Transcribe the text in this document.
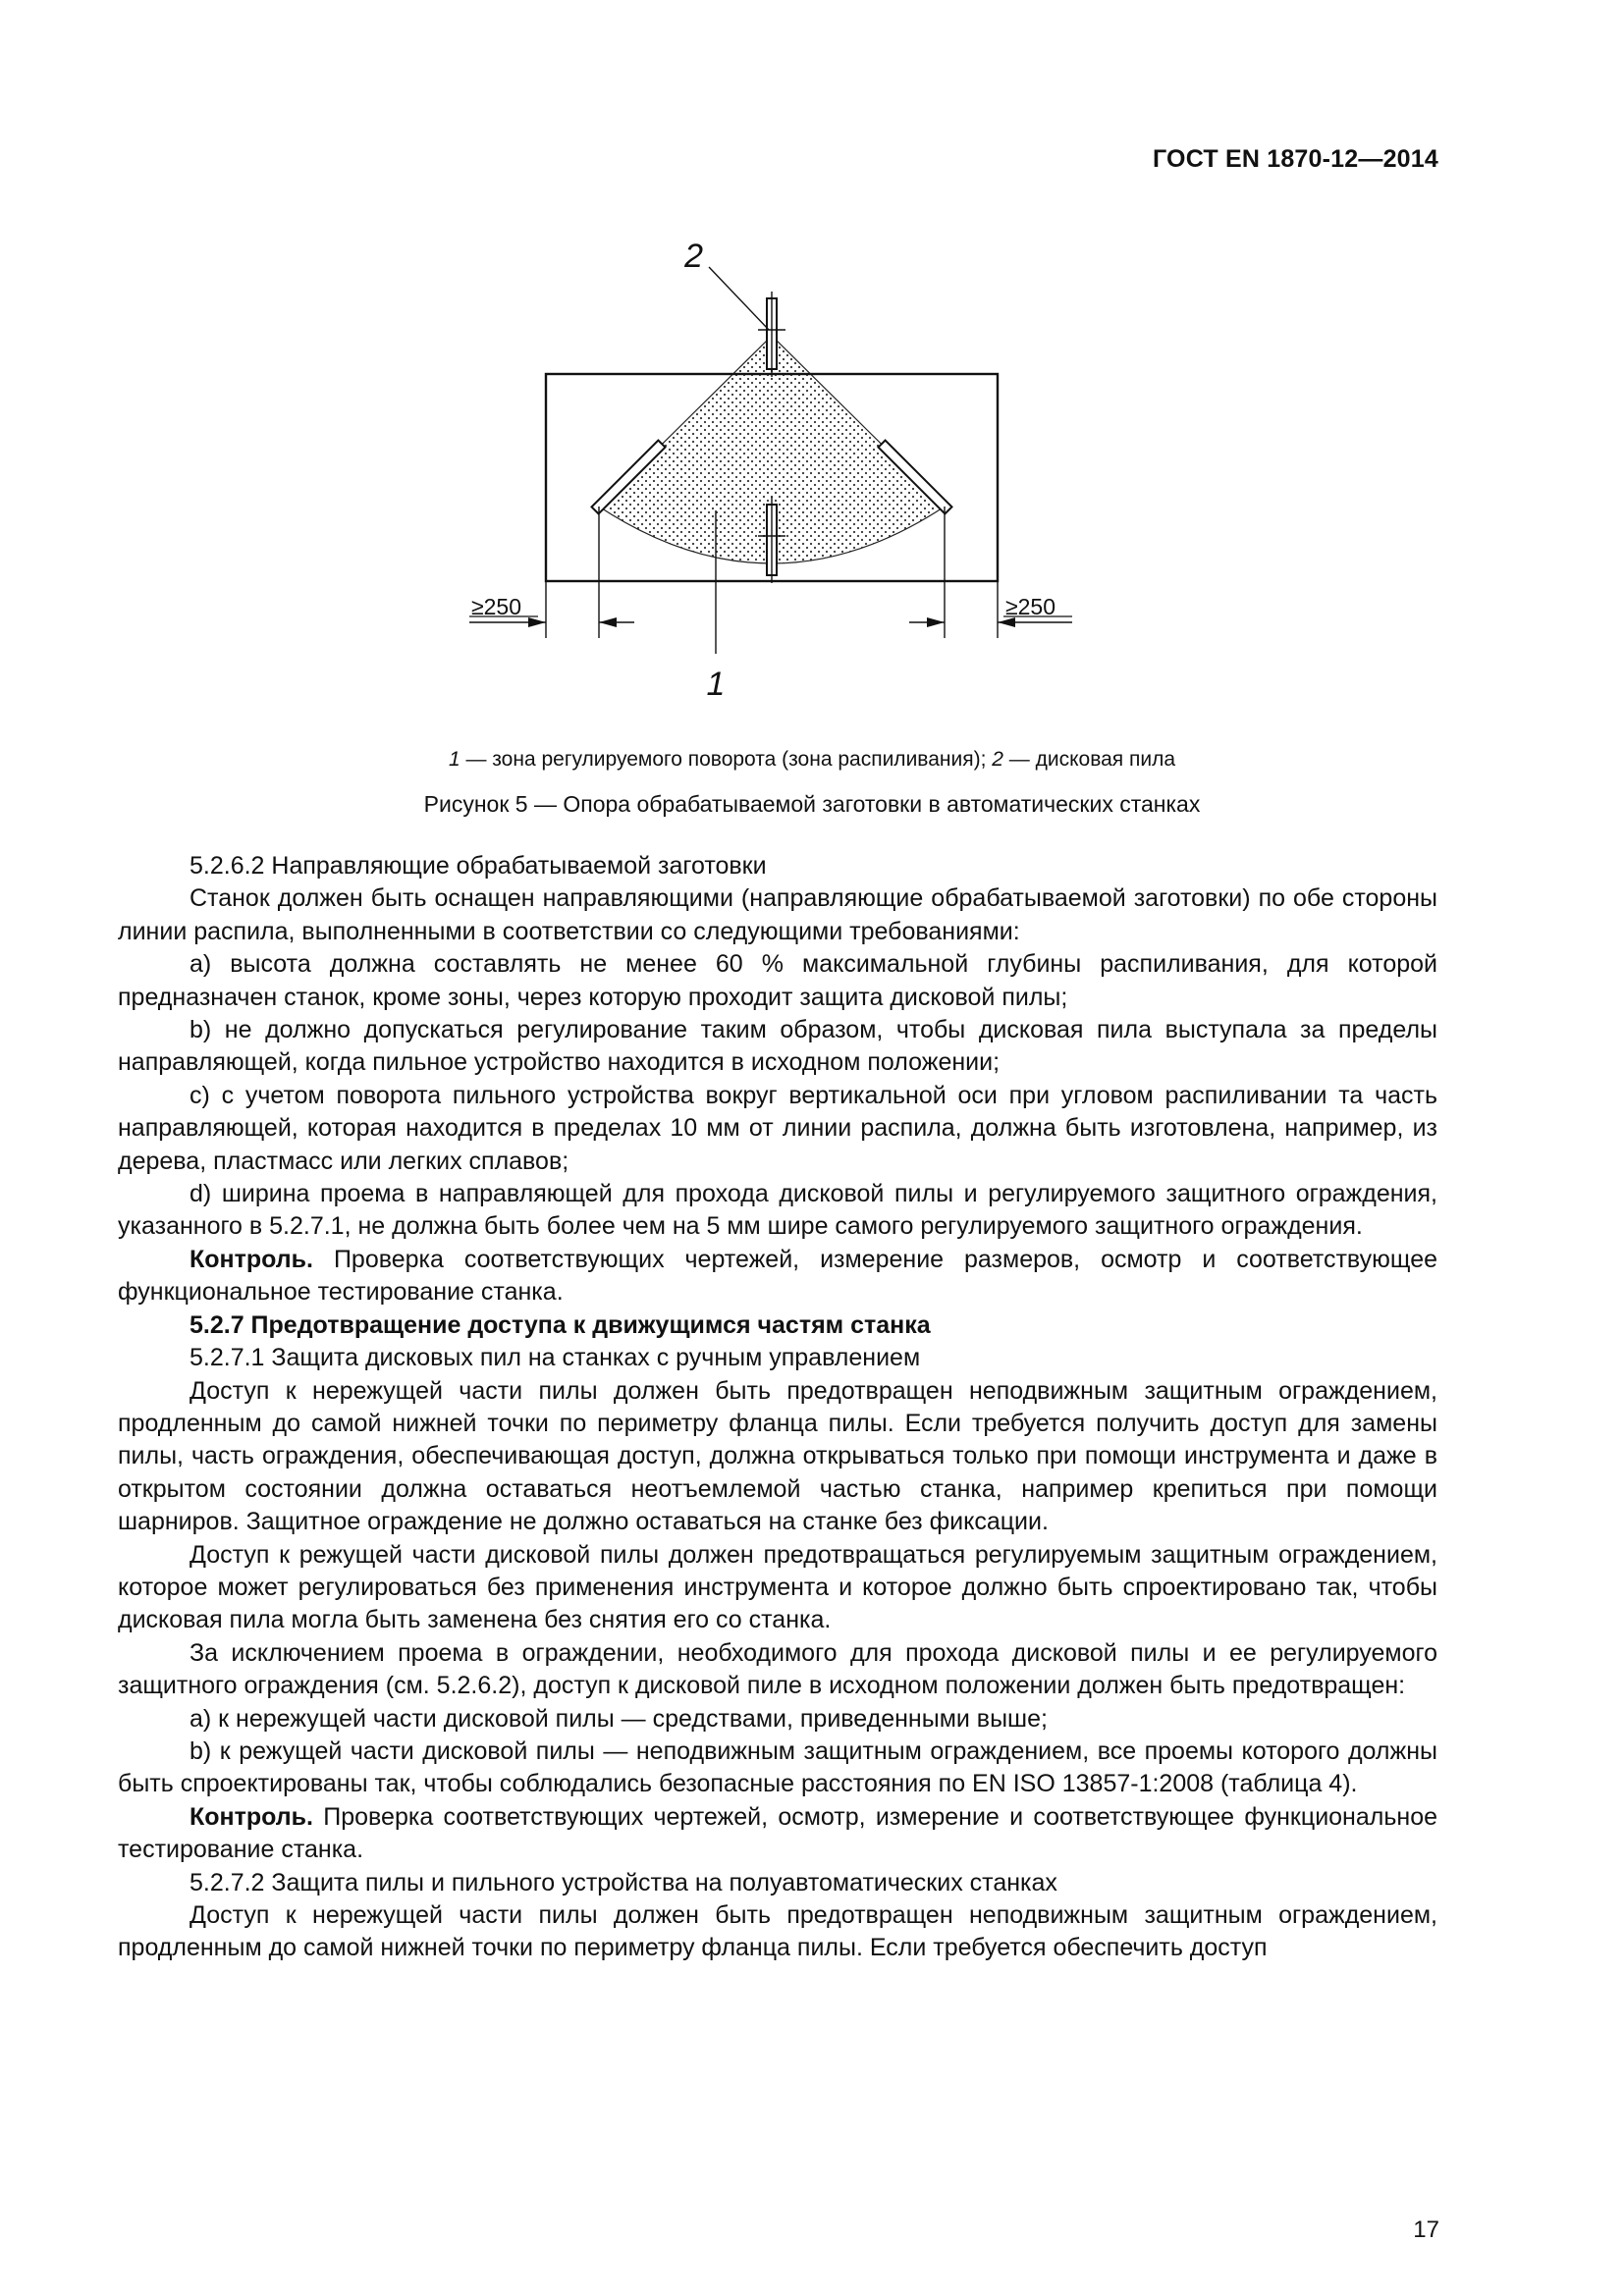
ГОСТ EN 1870-12—2014
2
1
≥250	≥250
1 — зона регулируемого поворота (зона распиливания); 2 — дисковая пила
Рисунок 5 — Опора обрабатываемой заготовки в автоматических станках

5.2.6.2 Направляющие обрабатываемой заготовки

Станок должен быть оснащен направляющими (направляющие обрабатываемой заготовки) по обе стороны линии распила, выполненными в соответствии со следующими требованиями:

а) высота должна составлять не менее 60 % максимальной глубины распиливания, для которой предназначен станок, кроме зоны, через которую проходит защита дисковой пилы;

b) не должно допускаться регулирование таким образом, чтобы дисковая пила выступала за пределы направляющей, когда пильное устройство находится в исходном положении;

с) с учетом поворота пильного устройства вокруг вертикальной оси при угловом распиливании та часть направляющей, которая находится в пределах 10 мм от линии распила, должна быть изготовлена, например, из дерева, пластмасс или легких сплавов;

d) ширина проема в направляющей для прохода дисковой пилы и регулируемого защитного ограждения, указанного в 5.2.7.1, не должна быть более чем на 5 мм шире самого регулируемого защитного ограждения.

Контроль. Проверка соответствующих чертежей, измерение размеров, осмотр и соответствующее функциональное тестирование станка.

5.2.7 Предотвращение доступа к движущимся частям станка

5.2.7.1 Защита дисковых пил на станках с ручным управлением

Доступ к нережущей части пилы должен быть предотвращен неподвижным защитным ограждением, продленным до самой нижней точки по периметру фланца пилы. Если требуется получить доступ для замены пилы, часть ограждения, обеспечивающая доступ, должна открываться только при помощи инструмента и даже в открытом состоянии должна оставаться неотъемлемой частью станка, например крепиться при помощи шарниров. Защитное ограждение не должно оставаться на станке без фиксации.

Доступ к режущей части дисковой пилы должен предотвращаться регулируемым защитным ограждением, которое может регулироваться без применения инструмента и которое должно быть спроектировано так, чтобы дисковая пила могла быть заменена без снятия его со станка.

За исключением проема в ограждении, необходимого для прохода дисковой пилы и ее регулируемого защитного ограждения (см. 5.2.6.2), доступ к дисковой пиле в исходном положении должен быть предотвращен:

а) к нережущей части дисковой пилы — средствами, приведенными выше;

b) к режущей части дисковой пилы — неподвижным защитным ограждением, все проемы которого должны быть спроектированы так, чтобы соблюдались безопасные расстояния по EN ISO 13857-1:2008 (таблица 4).

Контроль. Проверка соответствующих чертежей, осмотр, измерение и соответствующее функциональное тестирование станка.

5.2.7.2 Защита пилы и пильного устройства на полуавтоматических станках

Доступ к нережущей части пилы должен быть предотвращен неподвижным защитным ограждением, продленным до самой нижней точки по периметру фланца пилы. Если требуется обеспечить доступ

17
